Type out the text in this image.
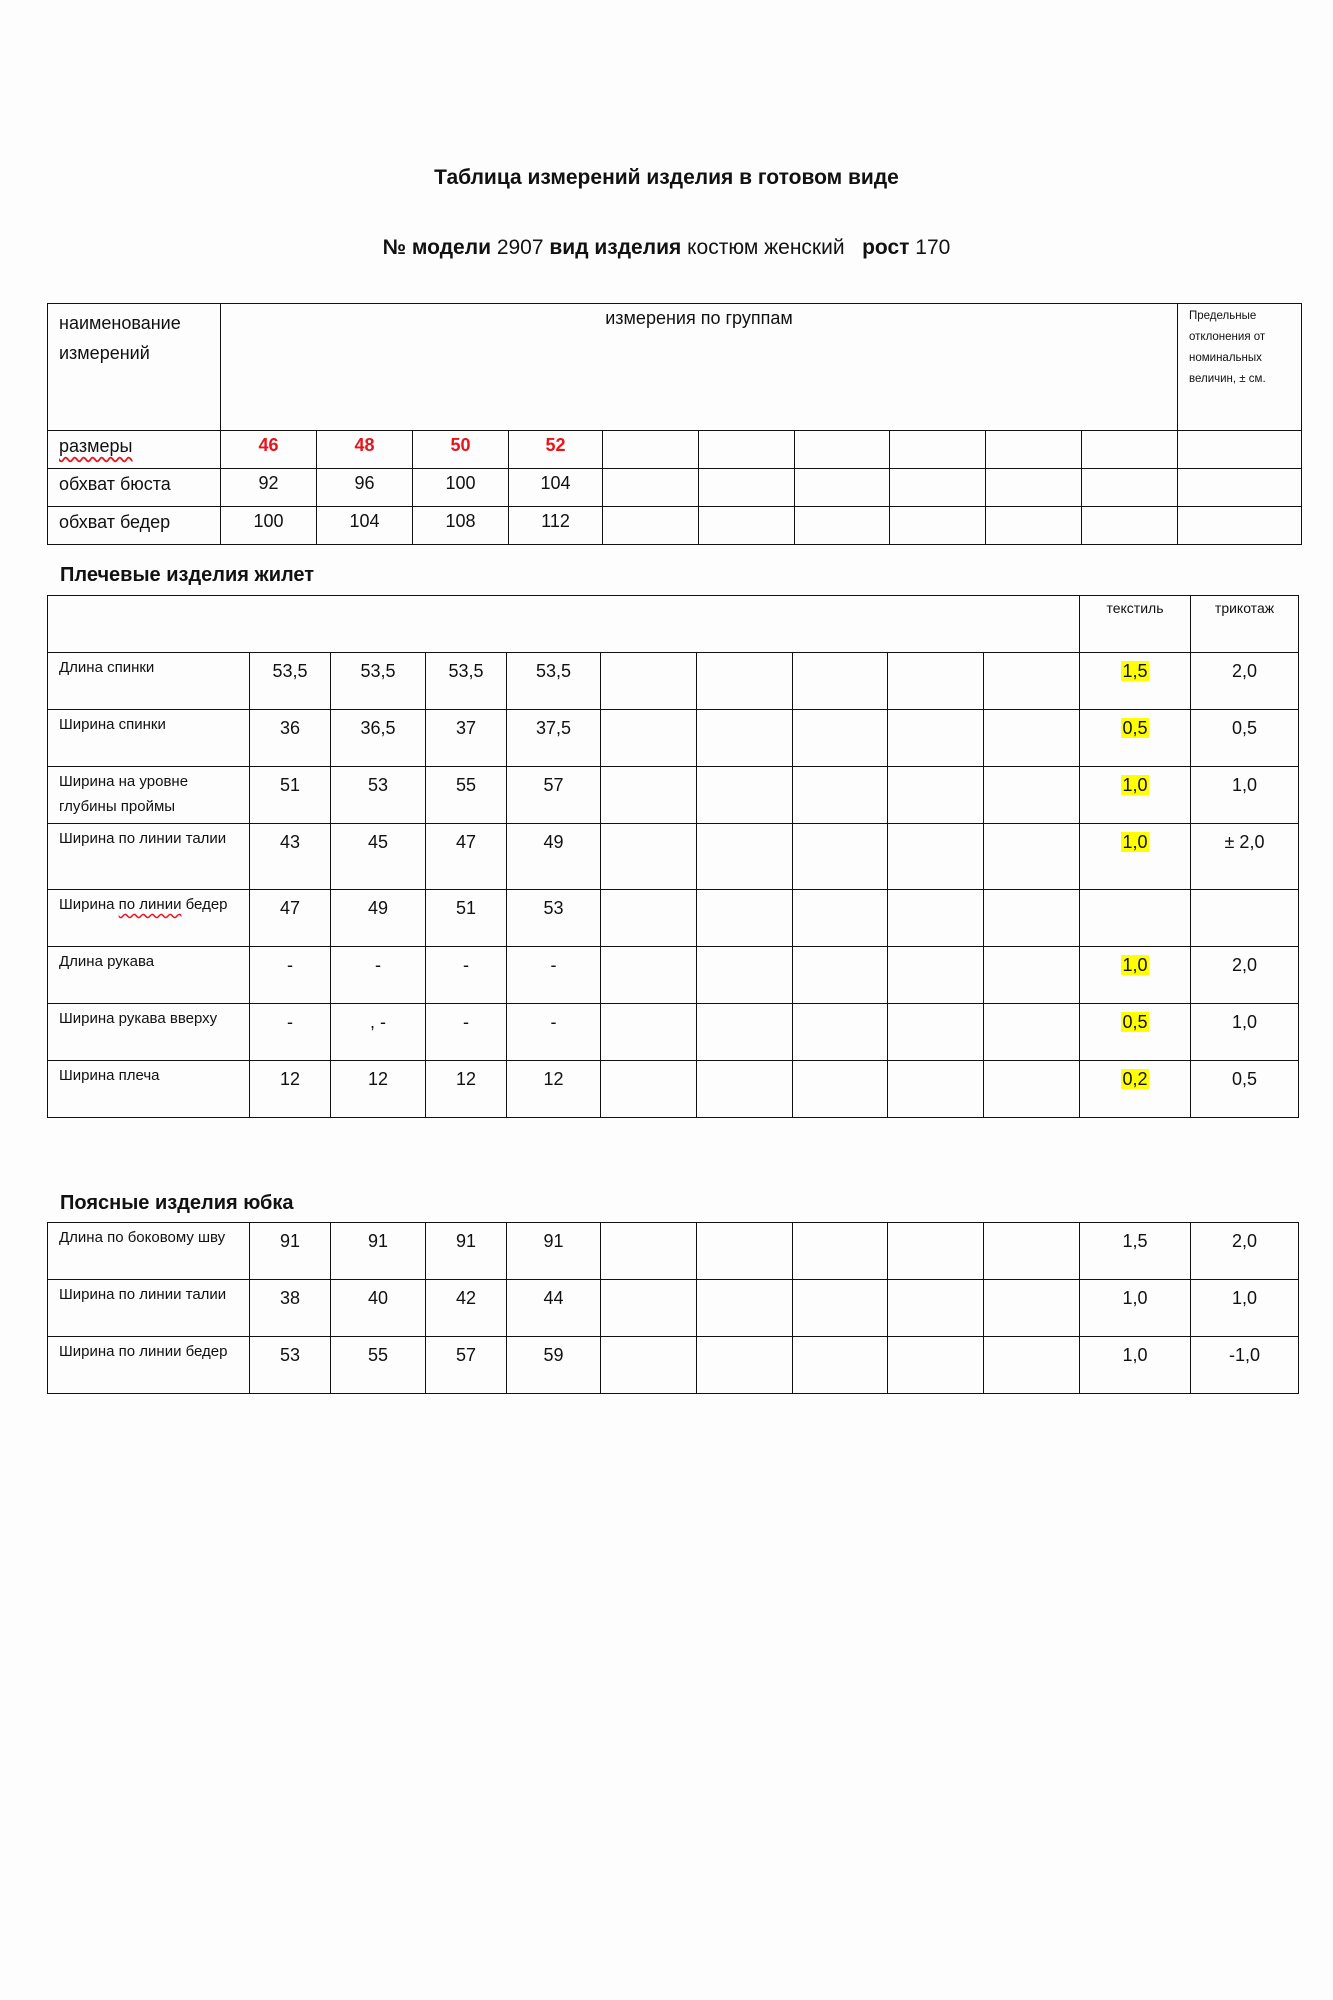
Таблица измерений изделия в готовом виде
№ модели 2907 вид изделия костюм женский рост 170
наименование измерений	измерения по группам										Предельные отклонения от номинальных величин, ± см.
размеры	46	48	50	52							
обхват бюста	92	96	100	104							
обхват бедер	100	104	108	112							
Плечевые изделия жилет
										текстиль	трикотаж
Длина спинки	53,5	53,5	53,5	53,5						1,5	2,0
Ширина спинки	36	36,5	37	37,5						0,5	0,5
Ширина на уровне глубины проймы	51	53	55	57						1,0	1,0
Ширина по линии талии	43	45	47	49						1,0	± 2,0
Ширина по линии бедер	47	49	51	53							
Длина рукава	-	-	-	-						1,0	2,0
Ширина рукава вверху	-	, -	-	-						0,5	1,0
Ширина плеча	12	12	12	12						0,2	0,5
Поясные изделия юбка
Длина по боковому шву	91	91	91	91						1,5	2,0
Ширина по линии талии	38	40	42	44						1,0	1,0
Ширина по линии бедер	53	55	57	59						1,0	-1,0
